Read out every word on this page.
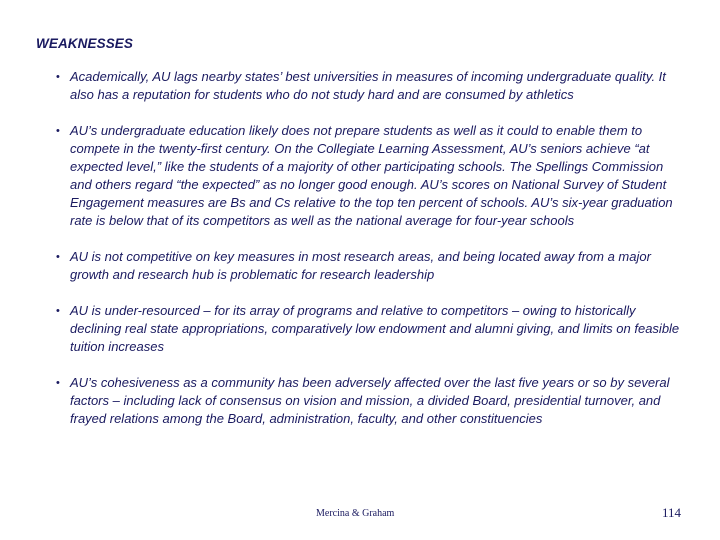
WEAKNESSES
• Academically, AU lags nearby states’ best universities in measures of incoming undergraduate quality. It also has a reputation for students who do not study hard and are consumed by athletics
• AU’s undergraduate education likely does not prepare students as well as it could to enable them to compete in the twenty-first century. On the Collegiate Learning Assessment, AU’s seniors achieve “at expected level,” like the students of a majority of other participating schools. The Spellings Commission and others regard “the expected” as no longer good enough. AU’s scores on National Survey of Student Engagement measures are Bs and Cs relative to the top ten percent of schools. AU’s six-year graduation rate is below that of its competitors as well as the national average for four-year schools
• AU is not competitive on key measures in most research areas, and being located away from a major growth and research hub is problematic for research leadership
• AU is under-resourced – for its array of programs and relative to competitors – owing to historically declining real state appropriations, comparatively low endowment and alumni giving, and limits on feasible tuition increases
• AU’s cohesiveness as a community has been adversely affected over the last five years or so by several factors – including lack of consensus on vision and mission, a divided Board, presidential turnover, and frayed relations among the Board, administration, faculty, and other constituencies
Mercina & Graham	114
